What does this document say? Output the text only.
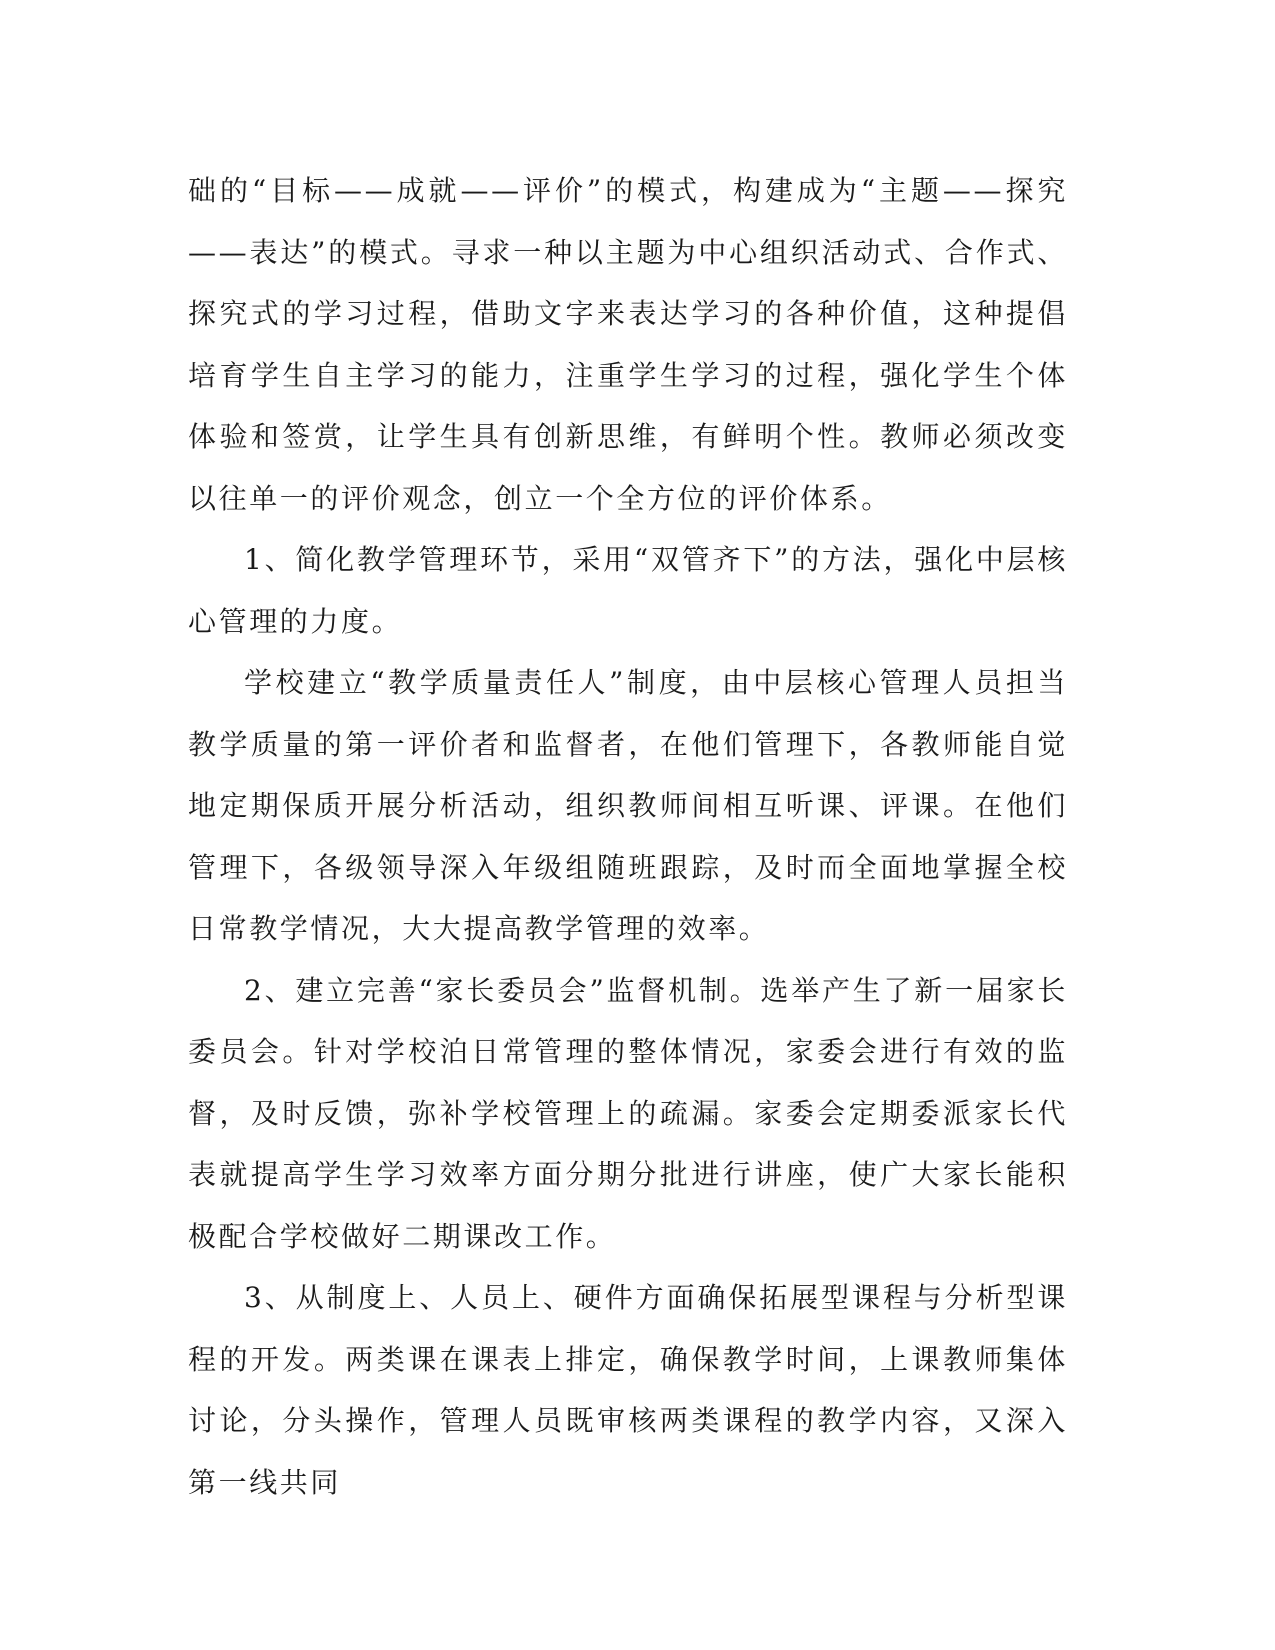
础的“目标——成就——评价”的模式，构建成为“主题——探究——表达”的模式。寻求一种以主题为中心组织活动式、合作式、探究式的学习过程，借助文字来表达学习的各种价值，这种提倡培育学生自主学习的能力，注重学生学习的过程，强化学生个体体验和签赏，让学生具有创新思维，有鲜明个性。教师必须改变以往单一的评价观念，创立一个全方位的评价体系。

1、简化教学管理环节，采用“双管齐下”的方法，强化中层核心管理的力度。

学校建立“教学质量责任人”制度，由中层核心管理人员担当教学质量的第一评价者和监督者，在他们管理下，各教师能自觉地定期保质开展分析活动，组织教师间相互听课、评课。在他们管理下，各级领导深入年级组随班跟踪，及时而全面地掌握全校日常教学情况，大大提高教学管理的效率。

2、建立完善“家长委员会”监督机制。选举产生了新一届家长委员会。针对学校泊日常管理的整体情况，家委会进行有效的监督，及时反馈，弥补学校管理上的疏漏。家委会定期委派家长代表就提高学生学习效率方面分期分批进行讲座，使广大家长能积极配合学校做好二期课改工作。

3、从制度上、人员上、硬件方面确保拓展型课程与分析型课程的开发。两类课在课表上排定，确保教学时间，上课教师集体讨论，分头操作，管理人员既审核两类课程的教学内容，又深入第一线共同
